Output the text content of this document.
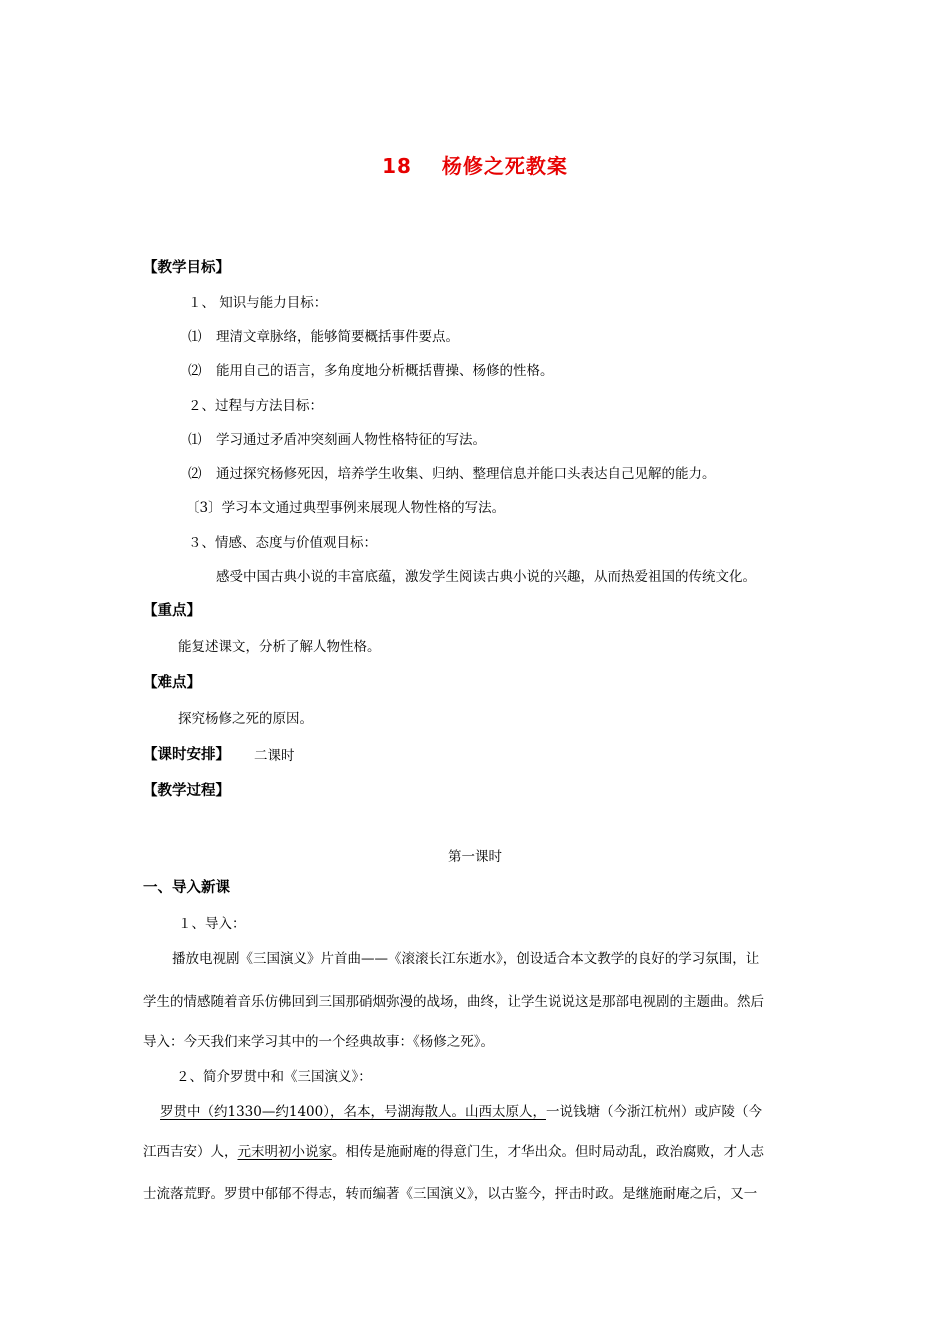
18 杨修之死教案
【教学目标】
１、 知识与能力目标：
⑴ 理清文章脉络，能够简要概括事件要点。
⑵ 能用自己的语言，多角度地分析概括曹操、杨修的性格。
２、过程与方法目标：
⑴ 学习通过矛盾冲突刻画人物性格特征的写法。
⑵ 通过探究杨修死因，培养学生收集、归纳、整理信息并能口头表达自己见解的能力。
〔3〕学习本文通过典型事例来展现人物性格的写法。
３、情感、态度与价值观目标：
感受中国古典小说的丰富底蕴，激发学生阅读古典小说的兴趣，从而热爱祖国的传统文化。
【重点】
能复述课文，分析了解人物性格。
【难点】
探究杨修之死的原因。
【课时安排】 二课时
【教学过程】
第一课时
一、导入新课
１、导入：
播放电视剧《三国演义》片首曲——《滚滚长江东逝水》，创设适合本文教学的良好的学习氛围，让
学生的情感随着音乐仿佛回到三国那硝烟弥漫的战场，曲终，让学生说说这是那部电视剧的主题曲。然后
导入：今天我们来学习其中的一个经典故事：《杨修之死》。
２、简介罗贯中和《三国演义》：
罗贯中（约1330—约1400），名本，号湖海散人。山西太原人，一说钱塘（今浙江杭州）或庐陵（今
江西吉安）人，元末明初小说家。相传是施耐庵的得意门生，才华出众。但时局动乱，政治腐败，才人志
士流落荒野。罗贯中郁郁不得志，转而编著《三国演义》，以古鉴今，抨击时政。是继施耐庵之后，又一
